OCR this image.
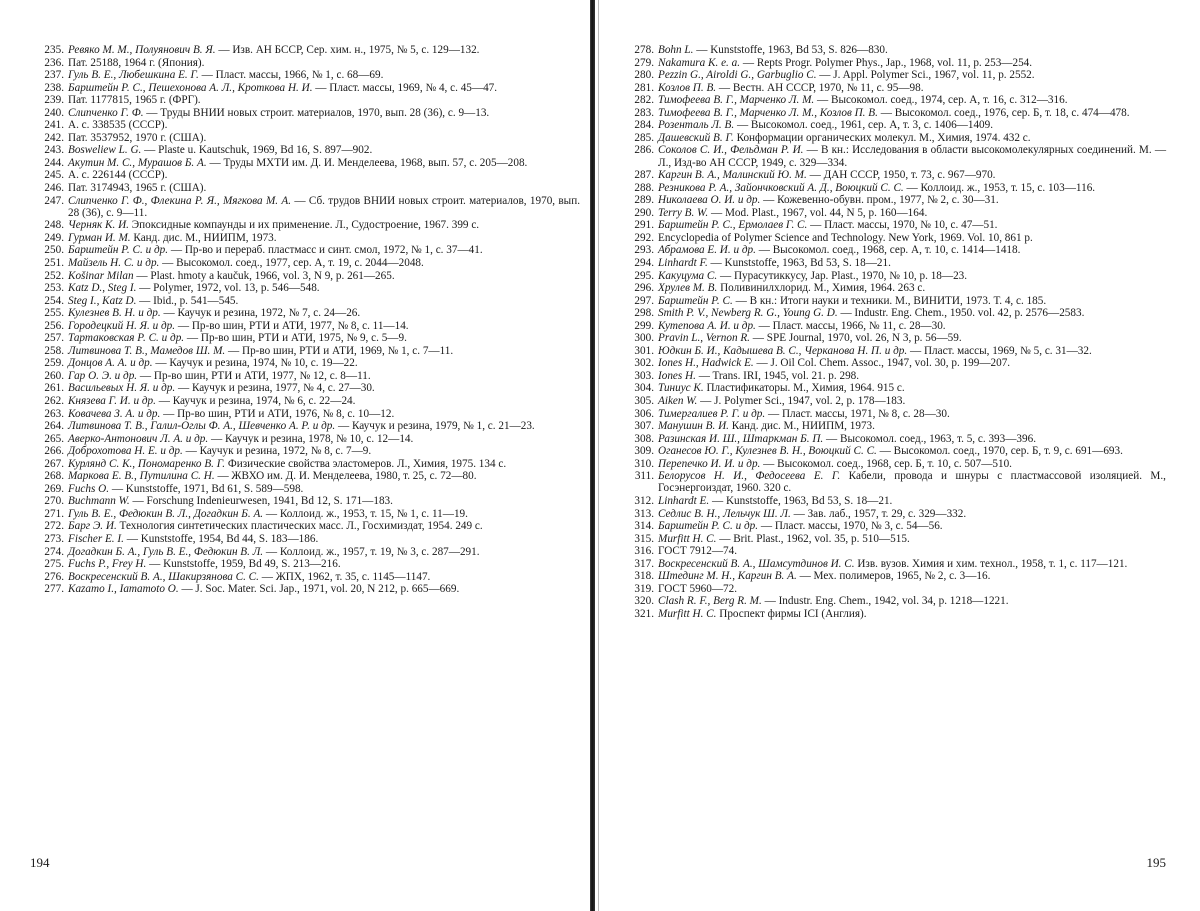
235. Ревяко М. М., Полуянович В. Я. — Изв. АН БССР, Сер. хим. н., 1975, № 5, с. 129—132.
236. Пат. 25188, 1964 г. (Япония).
237. Гуль В. Е., Любешкина Е. Г. — Пласт. массы, 1966, № 1, с. 68—69.
238. Барштейн Р. С., Пешехонова А. Л., Кроткова Н. И. — Пласт. массы, 1969, № 4, с. 45—47.
239. Пат. 1177815, 1965 г. (ФРГ).
240. Слипченко Г. Ф. — Труды ВНИИ новых строит. материалов, 1970, вып. 28 (36), с. 9—13.
241. А. с. 338535 (СССР).
242. Пат. 3537952, 1970 г. (США).
243. Bosweliew L. G. — Plaste u. Kautschuk, 1969, Bd 16, S. 897—902.
244. Акутин М. С., Мурашов Б. А. — Труды МХТИ им. Д. И. Менделеева, 1968, вып. 57, с. 205—208.
245. А. с. 226144 (СССР).
246. Пат. 3174943, 1965 г. (США).
247. Слипченко Г. Ф., Флекина Р. Я., Мягкова М. А. — Сб. трудов ВНИИ новых строит. материалов, 1970, вып. 28 (36), с. 9—11.
248. Черняк К. И. Эпоксидные компаунды и их применение. Л., Судостроение, 1967. 399 с.
249. Гурман И. М. Канд. дис. М., НИИПМ, 1973.
250. Барштейн Р. С. и др. — Пр-во и перераб. пластмасс и синт. смол, 1972, № 1, с. 37—41.
251. Майзель Н. С. и др. — Высокомол. соед., 1977, сер. А, т. 19, с. 2044—2048.
252. Košinar Milan — Plast. hmoty a kaučuk, 1966, vol. 3, N 9, p. 261—265.
253. Katz D., Steg I. — Polymer, 1972, vol. 13, p. 546—548.
254. Steg I., Katz D. — Ibid., p. 541—545.
255. Кулезнев В. Н. и др. — Каучук и резина, 1972, № 7, с. 24—26.
256. Городецкий Н. Я. и др. — Пр-во шин, РТИ и АТИ, 1977, № 8, с. 11—14.
257. Тартаковская Р. С. и др. — Пр-во шин, РТИ и АТИ, 1975, № 9, с. 5—9.
258. Литвинова Т. В., Мамедов Ш. М. — Пр-во шин, РТИ и АТИ, 1969, № 1, с. 7—11.
259. Донцов А. А. и др. — Каучук и резина, 1974, № 10, с. 19—22.
260. Гар О. Э. и др. — Пр-во шин, РТИ и АТИ, 1977, № 12, с. 8—11.
261. Васильевых Н. Я. и др. — Каучук и резина, 1977, № 4, с. 27—30.
262. Князева Г. И. и др. — Каучук и резина, 1974, № 6, с. 22—24.
263. Ковачева З. А. и др. — Пр-во шин, РТИ и АТИ, 1976, № 8, с. 10—12.
264. Литвинова Т. В., Галил-Оглы Ф. А., Шевченко А. Р. и др. — Каучук и резина, 1979, № 1, с. 21—23.
265. Аверко-Антонович Л. А. и др. — Каучук и резина, 1978, № 10, с. 12—14.
266. Доброхотова Н. Е. и др. — Каучук и резина, 1972, № 8, с. 7—9.
267. Курлянд С. К., Пономаренко В. Г. Физические свойства эластомеров. Л., Химия, 1975. 134 с.
268. Маркова Е. В., Путилина С. Н. — ЖВХО им. Д. И. Менделеева, 1980, т. 25, с. 72—80.
269. Fuchs O. — Kunststoffe, 1971, Bd 61, S. 589—598.
270. Buchmann W. — Forschung Indenieurwesen, 1941, Bd 12, S. 171—183.
271. Гуль В. Е., Федюкин В. Л., Догадкин Б. А. — Коллоид. ж., 1953, т. 15, № 1, с. 11—19.
272. Барг Э. И. Технология синтетических пластических масс. Л., Госхимиздат, 1954. 249 с.
273. Fischer E. I. — Kunststoffe, 1954, Bd 44, S. 183—186.
274. Догадкин Б. А., Гуль В. Е., Федюкин В. Л. — Коллоид. ж., 1957, т. 19, № 3, с. 287—291.
275. Fuchs P., Frey H. — Kunststoffe, 1959, Bd 49, S. 213—216.
276. Воскресенский В. А., Шакирзянова С. С. — ЖПХ, 1962, т. 35, с. 1145—1147.
277. Kazamo I., Iamamoto O. — J. Soc. Mater. Sci. Jap., 1971, vol. 20, N 212, p. 665—669.
194
278. Bohn L. — Kunststoffe, 1963, Bd 53, S. 826—830.
279. Nakamura K. e. a. — Repts Progr. Polymer Phys., Jap., 1968, vol. 11, p. 253—254.
280. Pezzin G., Airoldi G., Garbuglio C. — J. Appl. Polymer Sci., 1967, vol. 11, p. 2552.
281. Козлов П. В. — Вестн. АН СССР, 1970, № 11, с. 95—98.
282. Тимофеева В. Г., Марченко Л. М. — Высокомол. соед., 1974, сер. А, т. 16, с. 312—316.
283. Тимофеева В. Г., Марченко Л. М., Козлов П. В. — Высокомол. соед., 1976, сер. Б, т. 18, с. 474—478.
284. Розенталь Л. В. — Высокомол. соед., 1961, сер. А, т. 3, с. 1406—1409.
285. Дашевский В. Г. Конформации органических молекул. М., Химия, 1974. 432 с.
286. Соколов С. И., Фельдман Р. И. — В кн.: Исследования в области высокомолекулярных соединений. М. — Л., Изд-во АН СССР, 1949, с. 329—334.
287. Каргин В. А., Малинский Ю. М. — ДАН СССР, 1950, т. 73, с. 967—970.
288. Резникова Р. А., Зайончковский А. Д., Воюцкий С. С. — Коллоид. ж., 1953, т. 15, с. 103—116.
289. Николаева О. И. и др. — Кожевенно-обувн. пром., 1977, № 2, с. 30—31.
290. Terry B. W. — Mod. Plast., 1967, vol. 44, N 5, p. 160—164.
291. Барштейн Р. С., Ермолаев Г. С. — Пласт. массы, 1970, № 10, с. 47—51.
292. Encyclopedia of Polymer Science and Technology. New York, 1969. Vol. 10, 861 p.
293. Абрамова Е. И. и др. — Высокомол. соед., 1968, сер. А, т. 10, с. 1414—1418.
294. Linhardt F. — Kunststoffe, 1963, Bd 53, S. 18—21.
295. Какуцума С. — Пурасутиккусу, Jap. Plast., 1970, № 10, р. 18—23.
296. Хрулев М. В. Поливинилхлорид. М., Химия, 1964. 263 с.
297. Барштейн Р. С. — В кн.: Итоги науки и техники. М., ВИНИТИ, 1973. Т. 4, с. 185.
298. Smith P. V., Newberg R. G., Young G. D. — Industr. Eng. Chem., 1950. vol. 42, p. 2576—2583.
299. Кутепова А. И. и др. — Пласт. массы, 1966, № 11, с. 28—30.
300. Pravin L., Vernon R. — SPE Journal, 1970, vol. 26, N 3, p. 56—59.
301. Юдкин Б. И., Кадышева В. С., Черканова Н. П. и др. — Пласт. массы, 1969, № 5, с. 31—32.
302. Iones H., Hadwick E. — J. Oil Col. Chem. Assoc., 1947, vol. 30, p. 199—207.
303. Iones H. — Trans. IRI, 1945, vol. 21. p. 298.
304. Тиниус К. Пластификаторы. М., Химия, 1964. 915 с.
305. Aiken W. — J. Polymer Sci., 1947, vol. 2, p. 178—183.
306. Тимергалиев Р. Г. и др. — Пласт. массы, 1971, № 8, с. 28—30.
307. Манушин В. И. Канд. дис. М., НИИПМ, 1973.
308. Разинская И. Ш., Штаркман Б. П. — Высокомол. соед., 1963, т. 5, с. 393—396.
309. Оганесов Ю. Г., Кулезнев В. Н., Воюцкий С. С. — Высокомол. соед., 1970, сер. Б, т. 9, с. 691—693.
310. Перепечко И. И. и др. — Высокомол. соед., 1968, сер. Б, т. 10, с. 507—510.
311. Белорусов Н. И., Федосеева Е. Г. Кабели, провода и шнуры с пластмассовой изоляцией. М., Госэнергоиздат, 1960. 320 с.
312. Linhardt E. — Kunststoffe, 1963, Bd 53, S. 18—21.
313. Седлис В. Н., Лельчук Ш. Л. — Зав. лаб., 1957, т. 29, с. 329—332.
314. Барштейн Р. С. и др. — Пласт. массы, 1970, № 3, с. 54—56.
315. Murfitt H. C. — Brit. Plast., 1962, vol. 35, p. 510—515.
316. ГОСТ 7912—74.
317. Воскресенский В. А., Шамсутдинов И. С. Изв. вузов. Химия и хим. технол., 1958, т. 1, с. 117—121.
318. Штединг М. Н., Каргин В. А. — Мех. полимеров, 1965, № 2, с. 3—16.
319. ГОСТ 5960—72.
320. Clash R. F., Berg R. M. — Industr. Eng. Chem., 1942, vol. 34, p. 1218—1221.
321. Murfitt H. C. Проспект фирмы ICI (Англия).
195
